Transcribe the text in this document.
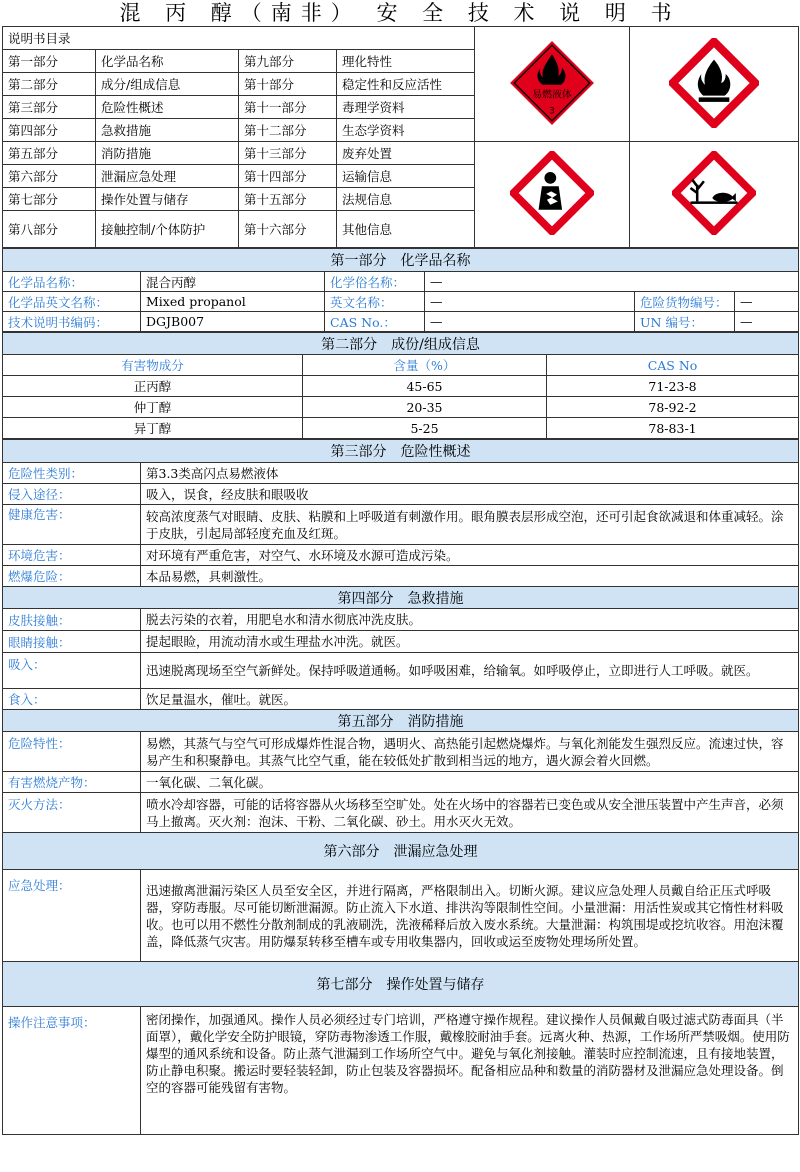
混 丙 醇（南非） 安 全 技 术 说 明 书
说明书目录				易燃液体
3

第一部分	化学品名称	第九部分	理化特性		
第二部分	成分/组成信息	第十部分	稳定性和反应活性		
第三部分	危险性概述	第十一部分	毒理学资料		
第四部分	急救措施	第十二部分	生态学资料		
第五部分	消防措施	第十三部分	废弃处置		
第六部分	泄漏应急处理	第十四部分	运输信息		
第七部分	操作处置与储存	第十五部分	法规信息		
第八部分	接触控制/个体防护	第十六部分	其他信息		
第一部分　化学品名称					
化学品名称：	混合丙醇	化学俗名称：	—		
化学品英文名称：	Mixed propanol	英文名称：	—	危险货物编号：	—
技术说明书编码：	DGJB007	CAS No.：	—	UN 编号：	—
第二部分　成份/组成信息		
有害物成分	含量（%）	CAS No
正丙醇	45-65	71-23-8
仲丁醇	20-35	78-92-2
异丁醇	5-25	78-83-1
第三部分　危险性概述	
危险性类别：	第3.3类高闪点易燃液体
侵入途径：	吸入，误食，经皮肤和眼吸收
健康危害：	较高浓度蒸气对眼睛、皮肤、粘膜和上呼吸道有刺激作用。眼角膜表层形成空泡，还可引起食欲减退和体重减轻。涂于皮肤，引起局部轻度充血及红斑。
环境危害：	对环境有严重危害，对空气、水环境及水源可造成污染。
燃爆危险：	本品易燃，具刺激性。
第四部分　急救措施	
皮肤接触：	脱去污染的衣着，用肥皂水和清水彻底冲洗皮肤。
眼睛接触：	提起眼睑，用流动清水或生理盐水冲洗。就医。
吸入：	迅速脱离现场至空气新鲜处。保持呼吸道通畅。如呼吸困难，给输氧。如呼吸停止，立即进行人工呼吸。就医。
食入：	饮足量温水，催吐。就医。
第五部分　消防措施	
危险特性：	易燃，其蒸气与空气可形成爆炸性混合物，遇明火、高热能引起燃烧爆炸。与氧化剂能发生强烈反应。流速过快，容易产生和积聚静电。其蒸气比空气重，能在较低处扩散到相当远的地方，遇火源会着火回燃。
有害燃烧产物：	一氧化碳、二氧化碳。
灭火方法：	喷水冷却容器，可能的话将容器从火场移至空旷处。处在火场中的容器若已变色或从安全泄压装置中产生声音，必须马上撤离。灭火剂：泡沫、干粉、二氧化碳、砂土。用水灭火无效。
第六部分　泄漏应急处理	
应急处理：	迅速撤离泄漏污染区人员至安全区，并进行隔离，严格限制出入。切断火源。建议应急处理人员戴自给正压式呼吸器，穿防毒服。尽可能切断泄漏源。防止流入下水道、排洪沟等限制性空间。小量泄漏：用活性炭或其它惰性材料吸收。也可以用不燃性分散剂制成的乳液刷洗，洗液稀释后放入废水系统。大量泄漏：构筑围堤或挖坑收容。用泡沫覆盖，降低蒸气灾害。用防爆泵转移至槽车或专用收集器内，回收或运至废物处理场所处置。
第七部分　操作处置与储存	
操作注意事项：	密闭操作，加强通风。操作人员必须经过专门培训，严格遵守操作规程。建议操作人员佩戴自吸过滤式防毒面具（半面罩），戴化学安全防护眼镜，穿防毒物渗透工作服，戴橡胶耐油手套。远离火种、热源，工作场所严禁吸烟。使用防爆型的通风系统和设备。防止蒸气泄漏到工作场所空气中。避免与氧化剂接触。灌装时应控制流速，且有接地装置，防止静电积聚。搬运时要轻装轻卸，防止包装及容器损坏。配备相应品种和数量的消防器材及泄漏应急处理设备。倒空的容器可能残留有害物。
